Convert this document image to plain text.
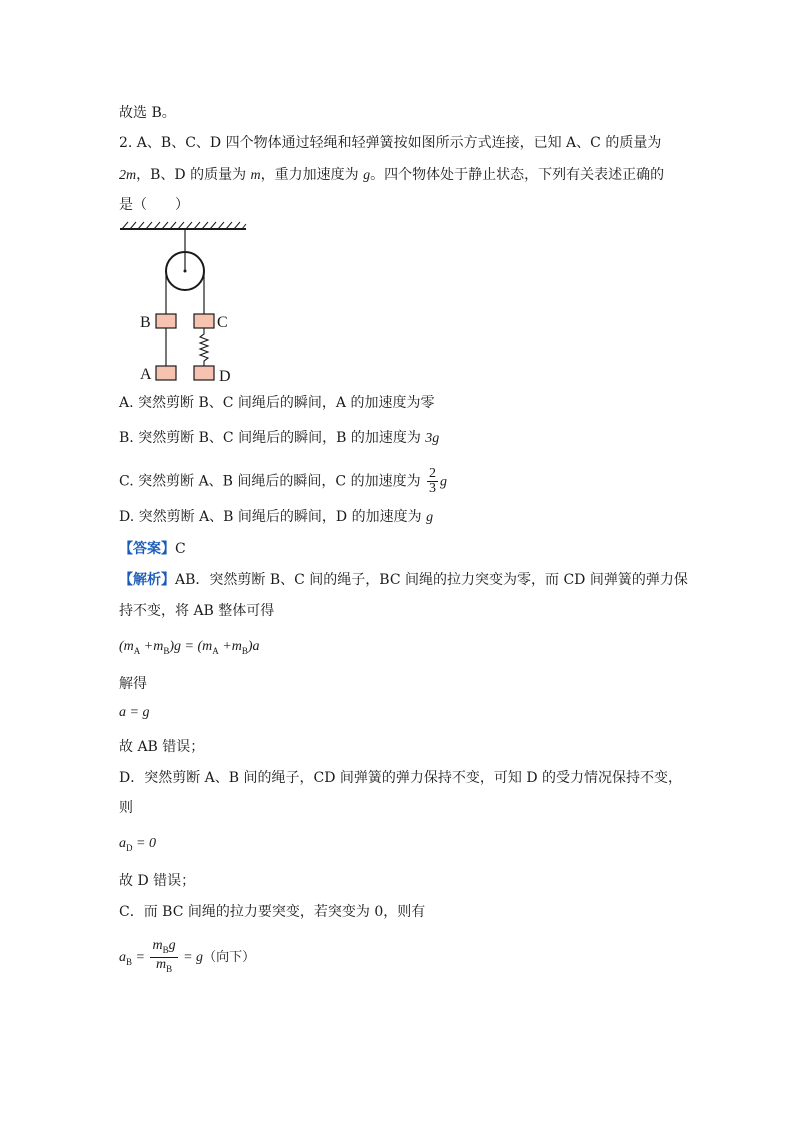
故选 B。
2. A、B、C、D 四个物体通过轻绳和轻弹簧按如图所示方式连接，已知 A、C 的质量为
2m，B、D 的质量为 m，重力加速度为 g。四个物体处于静止状态，下列有关表述正确的
是（　　）
B	C
A	D
A. 突然剪断 B、C 间绳后的瞬间，A 的加速度为零
B. 突然剪断 B、C 间绳后的瞬间，B 的加速度为 3g
C. 突然剪断 A、B 间绳后的瞬间，C 的加速度为 $\frac{2}{3}$ g
D. 突然剪断 A、B 间绳后的瞬间，D 的加速度为 g
【答案】C
【解析】AB．突然剪断 B、C 间的绳子，BC 间绳的拉力突变为零，而 CD 间弹簧的弹力保
持不变，将 AB 整体可得
$(m_A +m_B)g = (m_A +m_B)a$
解得
a = g
故 AB 错误；
D．突然剪断 A、B 间的绳子，CD 间弹簧的弹力保持不变，可知 D 的受力情况保持不变，
则
$a_D = 0$
故 D 错误；
C．而 BC 间绳的拉力要突变，若突变为 0，则有
$a_B = \frac{m_Bg}{m_B} = g$（向下）
